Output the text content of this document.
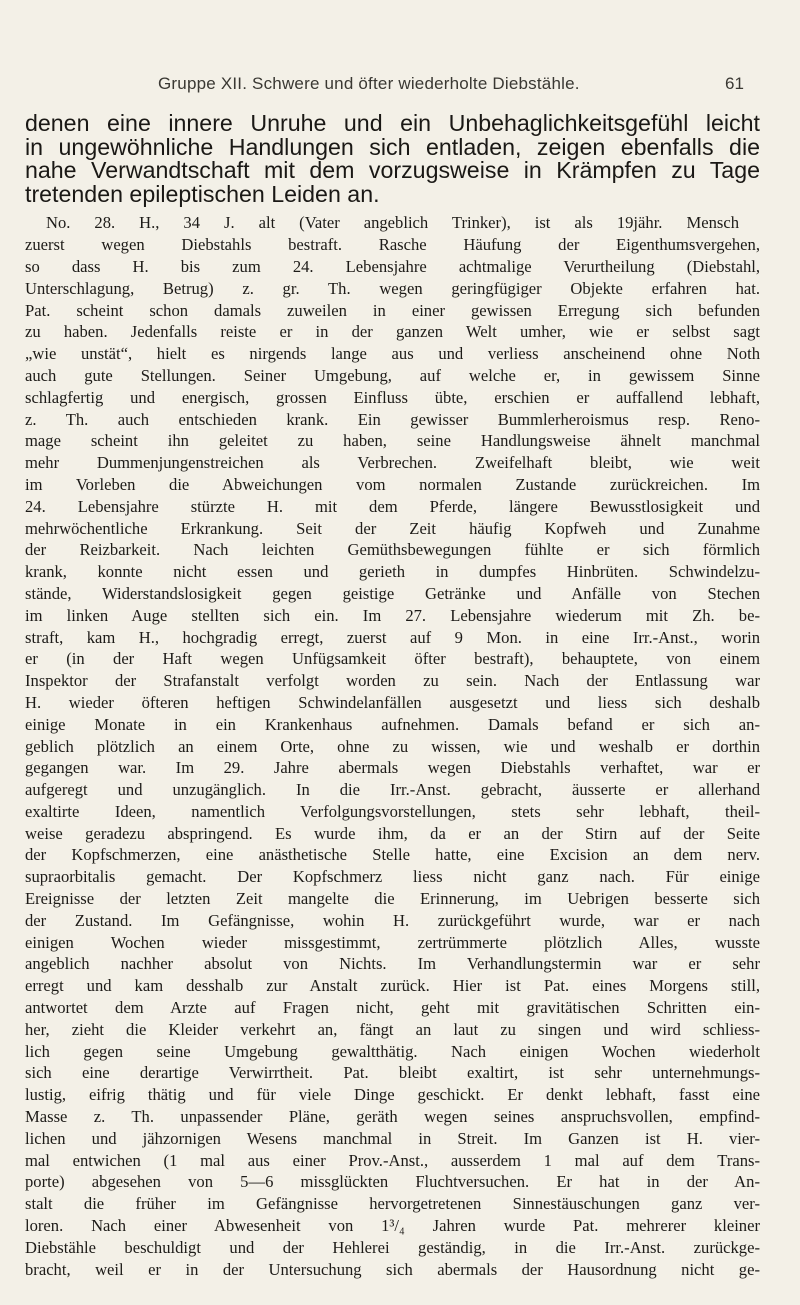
Gruppe XII. Schwere und öfter wiederholte Diebstähle.	61

denen eine innere Unruhe und ein Unbehaglichkeitsgefühl leicht
in ungewöhnliche Handlungen sich entladen, zeigen ebenfalls die
nahe Verwandtschaft mit dem vorzugsweise in Krämpfen zu Tage
tretenden epileptischen Leiden an.

No. 28. H., 34 J. alt (Vater angeblich Trinker), ist als 19jähr. Mensch
zuerst wegen Diebstahls bestraft. Rasche Häufung der Eigenthumsvergehen,
so dass H. bis zum 24. Lebensjahre achtmalige Verurtheilung (Diebstahl,
Unterschlagung, Betrug) z. gr. Th. wegen geringfügiger Objekte erfahren hat.
Pat. scheint schon damals zuweilen in einer gewissen Erregung sich befunden
zu haben. Jedenfalls reiste er in der ganzen Welt umher, wie er selbst sagt
„wie unstät“, hielt es nirgends lange aus und verliess anscheinend ohne Noth
auch gute Stellungen. Seiner Umgebung, auf welche er, in gewissem Sinne
schlagfertig und energisch, grossen Einfluss übte, erschien er auffallend lebhaft,
z. Th. auch entschieden krank. Ein gewisser Bummlerheroismus resp. Reno-
mage scheint ihn geleitet zu haben, seine Handlungsweise ähnelt manchmal
mehr Dummenjungenstreichen als Verbrechen. Zweifelhaft bleibt, wie weit
im Vorleben die Abweichungen vom normalen Zustande zurückreichen. Im
24. Lebensjahre stürzte H. mit dem Pferde, längere Bewusstlosigkeit und
mehrwöchentliche Erkrankung. Seit der Zeit häufig Kopfweh und Zunahme
der Reizbarkeit. Nach leichten Gemüthsbewegungen fühlte er sich förmlich
krank, konnte nicht essen und gerieth in dumpfes Hinbrüten. Schwindelzu-
stände, Widerstandslosigkeit gegen geistige Getränke und Anfälle von Stechen
im linken Auge stellten sich ein. Im 27. Lebensjahre wiederum mit Zh. be-
straft, kam H., hochgradig erregt, zuerst auf 9 Mon. in eine Irr.-Anst., worin
er (in der Haft wegen Unfügsamkeit öfter bestraft), behauptete, von einem
Inspektor der Strafanstalt verfolgt worden zu sein. Nach der Entlassung war
H. wieder öfteren heftigen Schwindelanfällen ausgesetzt und liess sich deshalb
einige Monate in ein Krankenhaus aufnehmen. Damals befand er sich an-
geblich plötzlich an einem Orte, ohne zu wissen, wie und weshalb er dorthin
gegangen war. Im 29. Jahre abermals wegen Diebstahls verhaftet, war er
aufgeregt und unzugänglich. In die Irr.-Anst. gebracht, äusserte er allerhand
exaltirte Ideen, namentlich Verfolgungsvorstellungen, stets sehr lebhaft, theil-
weise geradezu abspringend. Es wurde ihm, da er an der Stirn auf der Seite
der Kopfschmerzen, eine anästhetische Stelle hatte, eine Excision an dem nerv.
supraorbitalis gemacht. Der Kopfschmerz liess nicht ganz nach. Für einige
Ereignisse der letzten Zeit mangelte die Erinnerung, im Uebrigen besserte sich
der Zustand. Im Gefängnisse, wohin H. zurückgeführt wurde, war er nach
einigen Wochen wieder missgestimmt, zertrümmerte plötzlich Alles, wusste
angeblich nachher absolut von Nichts. Im Verhandlungstermin war er sehr
erregt und kam desshalb zur Anstalt zurück. Hier ist Pat. eines Morgens still,
antwortet dem Arzte auf Fragen nicht, geht mit gravitätischen Schritten ein-
her, zieht die Kleider verkehrt an, fängt an laut zu singen und wird schliess-
lich gegen seine Umgebung gewaltthätig. Nach einigen Wochen wiederholt
sich eine derartige Verwirrtheit. Pat. bleibt exaltirt, ist sehr unternehmungs-
lustig, eifrig thätig und für viele Dinge geschickt. Er denkt lebhaft, fasst eine
Masse z. Th. unpassender Pläne, geräth wegen seines anspruchsvollen, empfind-
lichen und jähzornigen Wesens manchmal in Streit. Im Ganzen ist H. vier-
mal entwichen (1 mal aus einer Prov.-Anst., ausserdem 1 mal auf dem Trans-
porte) abgesehen von 5—6 missglückten Fluchtversuchen. Er hat in der An-
stalt die früher im Gefängnisse hervorgetretenen Sinnestäuschungen ganz ver-
loren. Nach einer Abwesenheit von 1³/₄ Jahren wurde Pat. mehrerer kleiner
Diebstähle beschuldigt und der Hehlerei geständig, in die Irr.-Anst. zurückge-
bracht, weil er in der Untersuchung sich abermals der Hausordnung nicht ge-
